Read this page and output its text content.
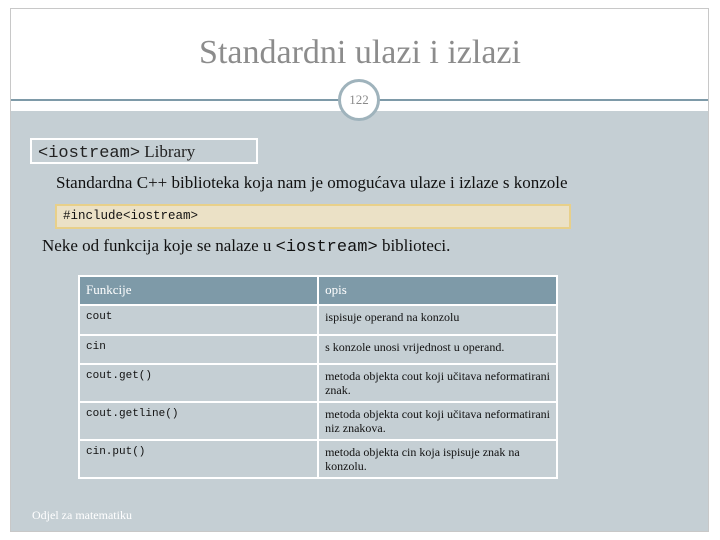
Standardni ulazi i izlazi
122
<iostream> Library
Standardna C++ biblioteka koja nam je omogućava ulaze i izlaze s konzole
#include<iostream>
Neke od funkcija koje se nalaze u <iostream> biblioteci.
Funkcije	opis
cout	ispisuje operand na konzolu
cin	s konzole unosi vrijednost u operand.
cout.get()	metoda objekta cout koji učitava neformatirani znak.
cout.getline()	metoda objekta cout koji učitava neformatirani niz znakova.
cin.put()	metoda objekta cin koja ispisuje znak na konzolu.
Odjel za matematiku
